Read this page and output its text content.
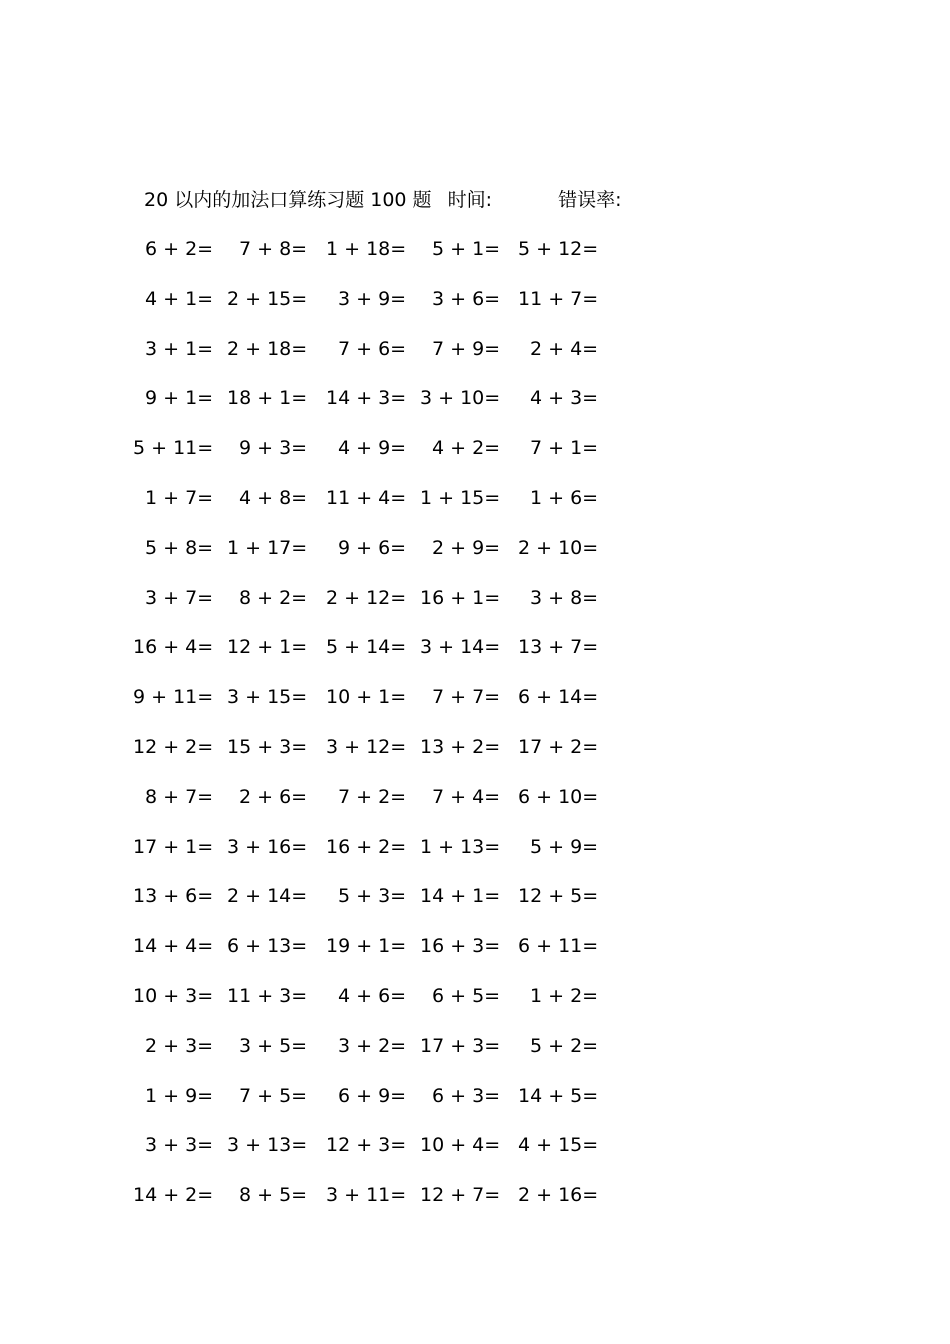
20 以内的加法口算练习题 100 题 时间:	错误率:
6 + 2= 7 + 8= 1 + 18= 5 + 1= 5 + 12=
4 + 1= 2 + 15= 3 + 9= 3 + 6= 11 + 7=
3 + 1= 2 + 18= 7 + 6= 7 + 9= 2 + 4=
9 + 1= 18 + 1= 14 + 3= 3 + 10= 4 + 3=
5 + 11= 9 + 3= 4 + 9= 4 + 2= 7 + 1=
1 + 7= 4 + 8= 11 + 4= 1 + 15= 1 + 6=
5 + 8= 1 + 17= 9 + 6= 2 + 9= 2 + 10=
3 + 7= 8 + 2= 2 + 12= 16 + 1= 3 + 8=
16 + 4= 12 + 1= 5 + 14= 3 + 14= 13 + 7=
9 + 11= 3 + 15= 10 + 1= 7 + 7= 6 + 14=
12 + 2= 15 + 3= 3 + 12= 13 + 2= 17 + 2=
8 + 7= 2 + 6= 7 + 2= 7 + 4= 6 + 10=
17 + 1= 3 + 16= 16 + 2= 1 + 13= 5 + 9=
13 + 6= 2 + 14= 5 + 3= 14 + 1= 12 + 5=
14 + 4= 6 + 13= 19 + 1= 16 + 3= 6 + 11=
10 + 3= 11 + 3= 4 + 6= 6 + 5= 1 + 2=
2 + 3= 3 + 5= 3 + 2= 17 + 3= 5 + 2=
1 + 9= 7 + 5= 6 + 9= 6 + 3= 14 + 5=
3 + 3= 3 + 13= 12 + 3= 10 + 4= 4 + 15=
14 + 2= 8 + 5= 3 + 11= 12 + 7= 2 + 16=
